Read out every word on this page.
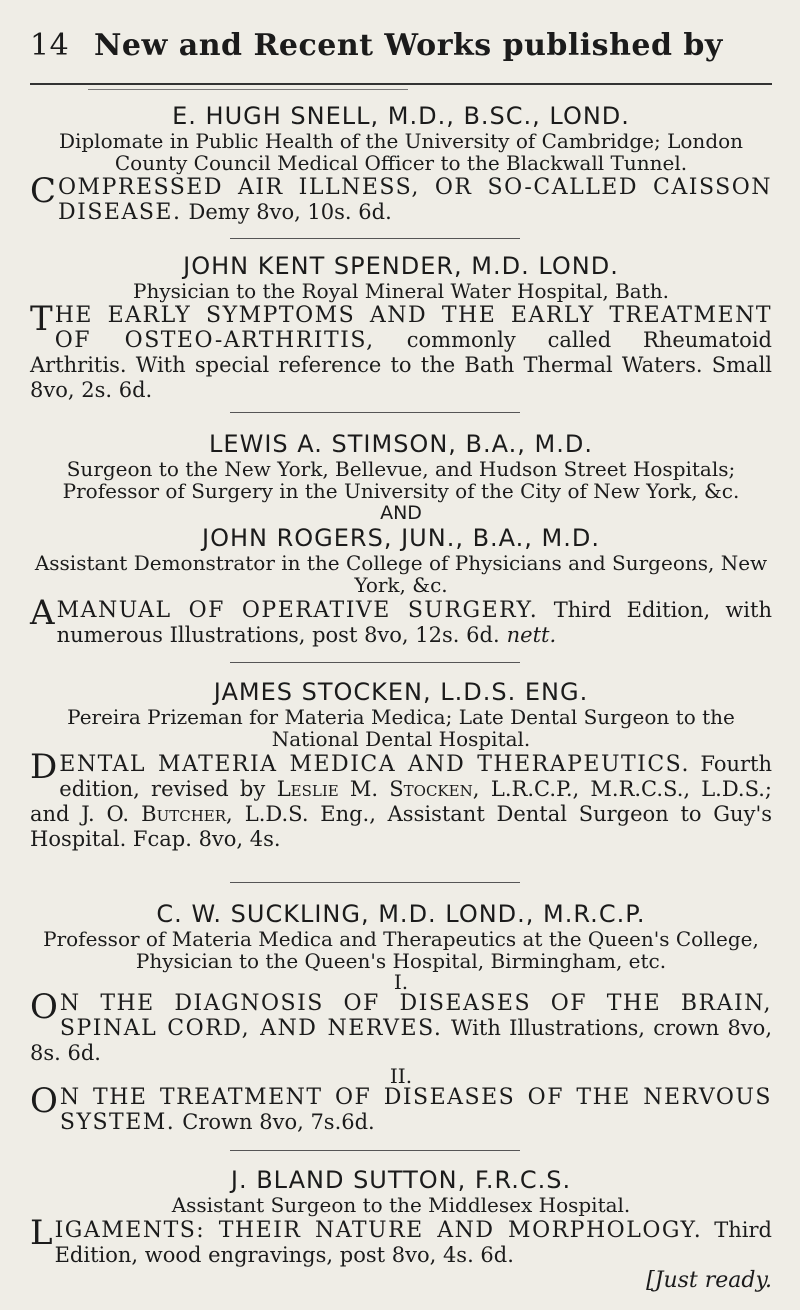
14 New and Recent Works published by
E. HUGH SNELL, M.D., B.SC., LOND.
Diplomate in Public Health of the University of Cambridge; London County Council Medical Officer to the Blackwall Tunnel.
COMPRESSED AIR ILLNESS, OR SO-CALLED CAISSON DISEASE. Demy 8vo, 10s. 6d.
JOHN KENT SPENDER, M.D. LOND.
Physician to the Royal Mineral Water Hospital, Bath.
THE EARLY SYMPTOMS AND THE EARLY TREATMENT OF OSTEO-ARTHRITIS, commonly called Rheumatoid Arthritis. With special reference to the Bath Thermal Waters. Small 8vo, 2s. 6d.
LEWIS A. STIMSON, B.A., M.D.
Surgeon to the New York, Bellevue, and Hudson Street Hospitals; Professor of Surgery in the University of the City of New York, &c.
AND
JOHN ROGERS, JUN., B.A., M.D.
Assistant Demonstrator in the College of Physicians and Surgeons, New York, &c.
AMANUAL OF OPERATIVE SURGERY. Third Edition, with numerous Illustrations, post 8vo, 12s. 6d. nett.
JAMES STOCKEN, L.D.S. ENG.
Pereira Prizeman for Materia Medica; Late Dental Surgeon to the National Dental Hospital.
DENTAL MATERIA MEDICA AND THERAPEUTICS. Fourth edition, revised by Leslie M. Stocken, L.R.C.P., M.R.C.S., L.D.S.; and J. O. Butcher, L.D.S. Eng., Assistant Dental Surgeon to Guy's Hospital. Fcap. 8vo, 4s.
C. W. SUCKLING, M.D. LOND., M.R.C.P.
Professor of Materia Medica and Therapeutics at the Queen's College, Physician to the Queen's Hospital, Birmingham, etc.
I.
O N THE DIAGNOSIS OF DISEASES OF THE BRAIN, SPINAL CORD, AND NERVES. With Illustrations, crown 8vo, 8s. 6d.
II.
O N THE TREATMENT OF DISEASES OF THE NERVOUS SYSTEM. Crown 8vo, 7s.6d.
J. BLAND SUTTON, F.R.C.S.
Assistant Surgeon to the Middlesex Hospital.
LIGAMENTS: THEIR NATURE AND MORPHOLOGY. Third Edition, wood engravings, post 8vo, 4s. 6d.
[Just ready.
